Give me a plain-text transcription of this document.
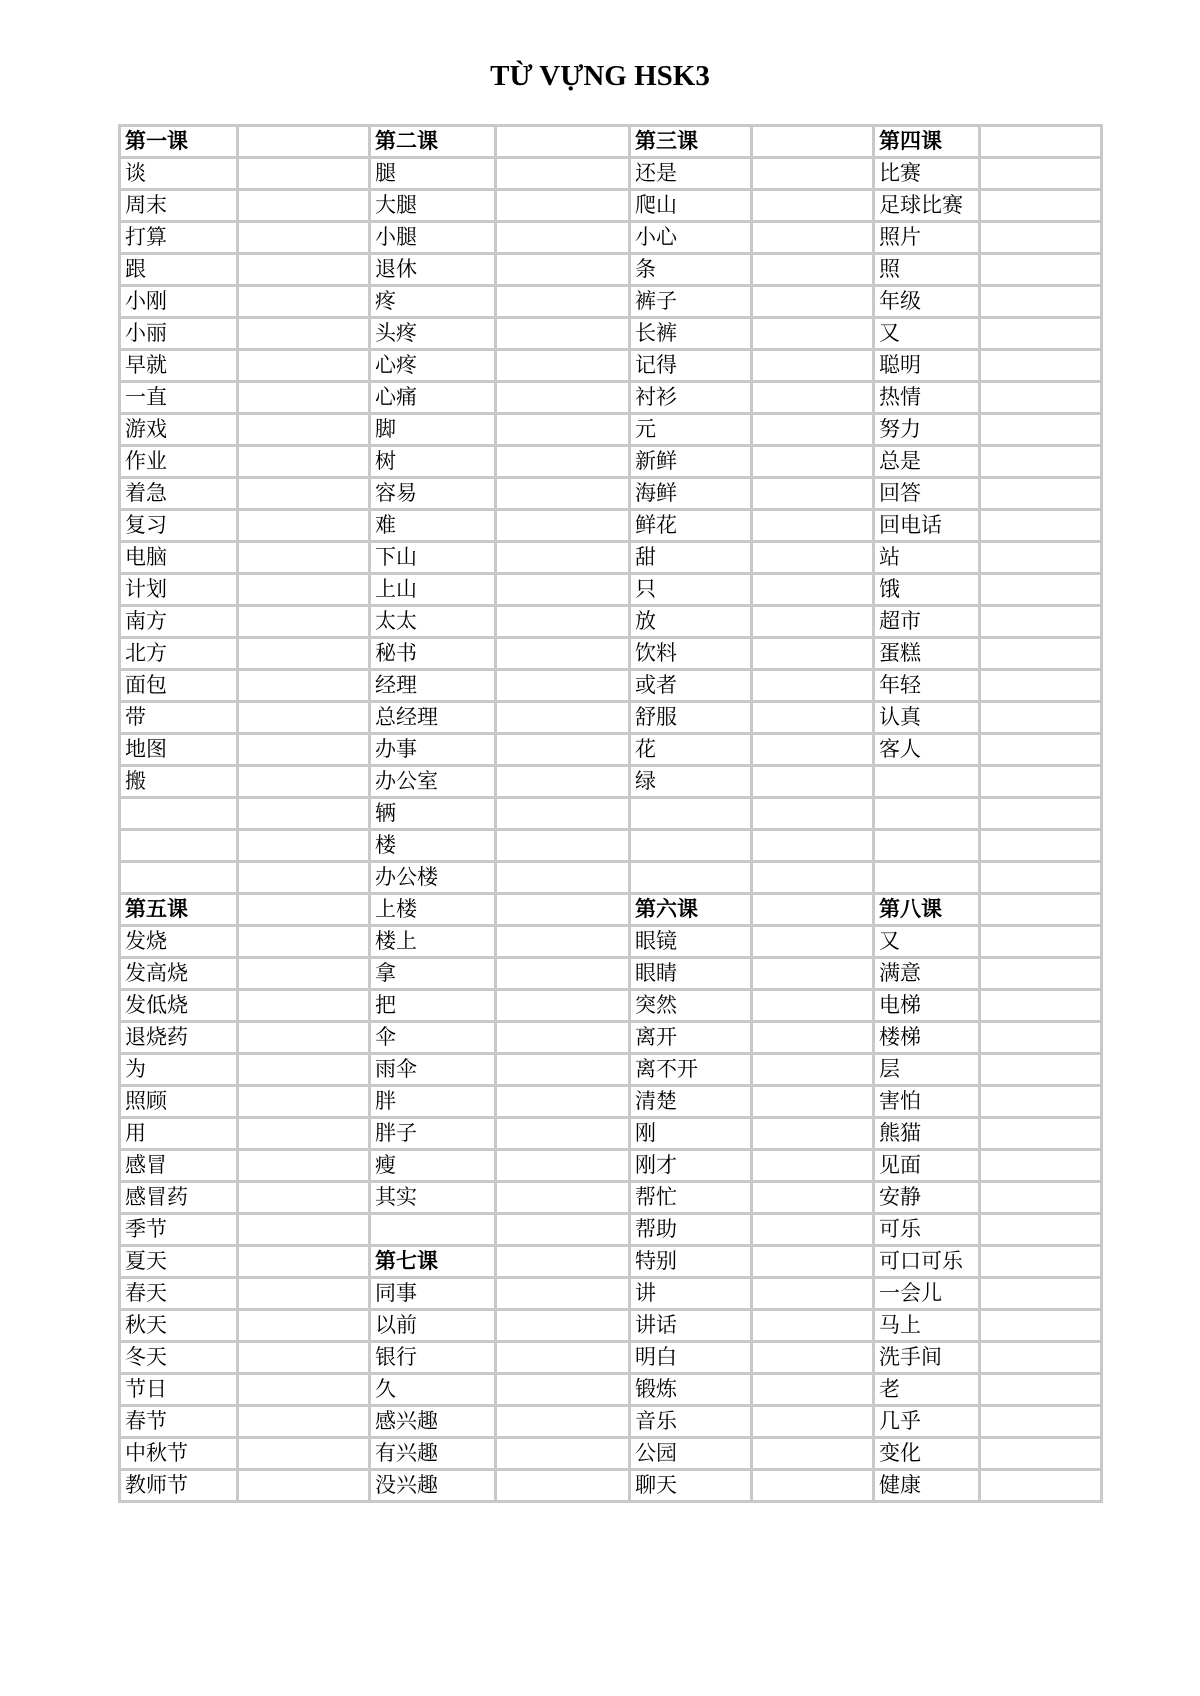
TỪ VỰNG HSK3
第一课		第二课		第三课		第四课	
谈		腿		还是		比赛	
周末		大腿		爬山		足球比赛	
打算		小腿		小心		照片	
跟		退休		条		照	
小刚		疼		裤子		年级	
小丽		头疼		长裤		又	
早就		心疼		记得		聪明	
一直		心痛		衬衫		热情	
游戏		脚		元		努力	
作业		树		新鲜		总是	
着急		容易		海鲜		回答	
复习		难		鲜花		回电话	
电脑		下山		甜		站	
计划		上山		只		饿	
南方		太太		放		超市	
北方		秘书		饮料		蛋糕	
面包		经理		或者		年轻	
带		总经理		舒服		认真	
地图		办事		花		客人	
搬		办公室		绿			
		辆					
		楼					
		办公楼					
第五课		上楼		第六课		第八课	
发烧		楼上		眼镜		又	
发高烧		拿		眼睛		满意	
发低烧		把		突然		电梯	
退烧药		伞		离开		楼梯	
为		雨伞		离不开		层	
照顾		胖		清楚		害怕	
用		胖子		刚		熊猫	
感冒		瘦		刚才		见面	
感冒药		其实		帮忙		安静	
季节				帮助		可乐	
夏天		第七课		特别		可口可乐	
春天		同事		讲		一会儿	
秋天		以前		讲话		马上	
冬天		银行		明白		洗手间	
节日		久		锻炼		老	
春节		感兴趣		音乐		几乎	
中秋节		有兴趣		公园		变化	
教师节		没兴趣		聊天		健康	
